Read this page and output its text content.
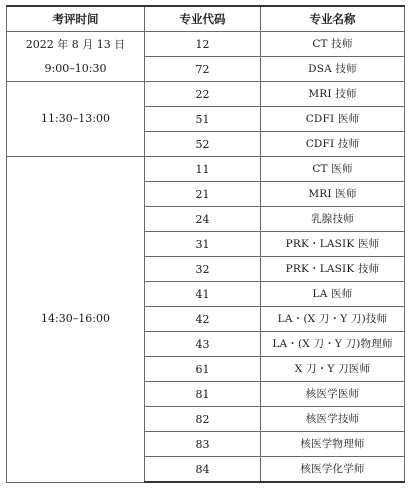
考评时间	专业代码	专业名称

2022 年 8 月 13 日
9:00–10:30	12	CT 技师
	72	DSA 技师

11:30–13:00	22	MRI 技师
	51	CDFI 医师
	52	CDFI 技师

14:30–16:00	11	CT 医师
	21	MRI 医师
	24	乳腺技师
	31	PRK・LASIK 医师
	32	PRK・LASIK 技师
	41	LA 医师
	42	LA・(X 刀・Y 刀)技师
	43	LA・(X 刀・Y 刀)物理师
	61	X 刀・Y 刀医师
	81	核医学医师
	82	核医学技师
	83	核医学物理师
	84	核医学化学师
